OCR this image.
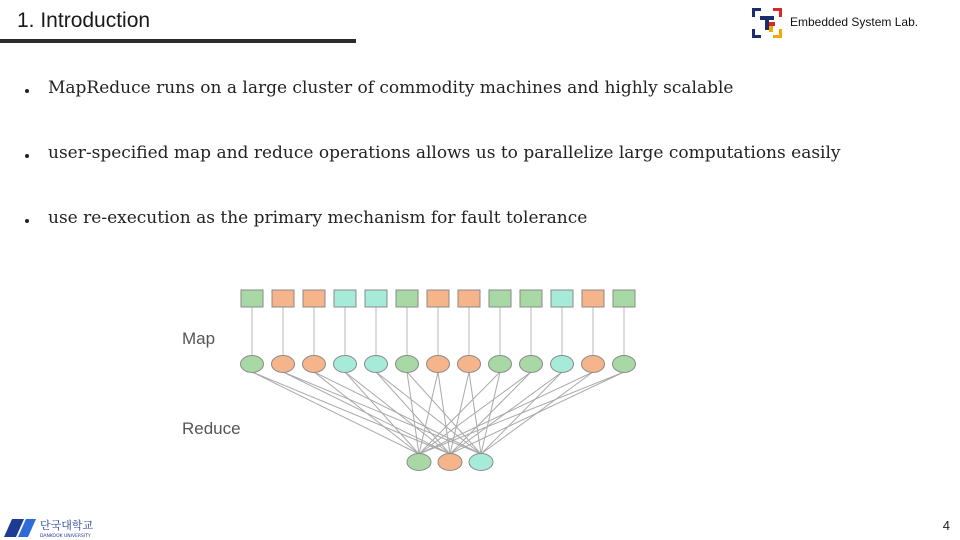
1. Introduction	Embedded System Lab.
MapReduce runs on a large cluster of commodity machines and highly scalable
user-specified map and reduce operations allows us to parallelize large computations easily
use re-execution as the primary mechanism for fault tolerance
Map
Reduce
단국대학교
DANKOOK UNIVERSITY
4
